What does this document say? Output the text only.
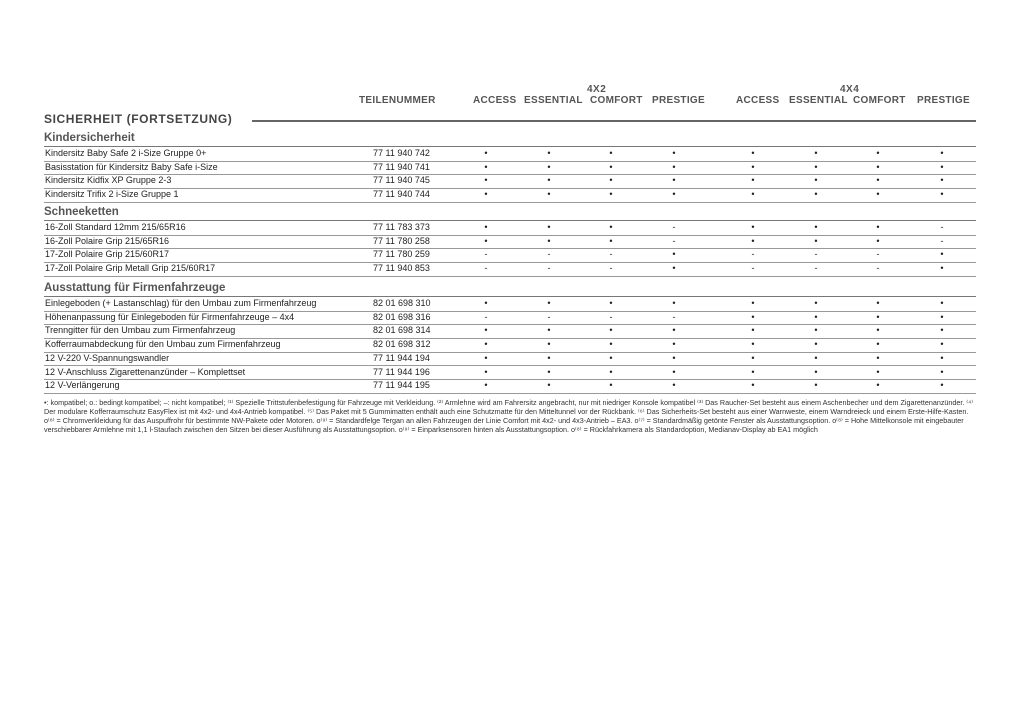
4X2	4X4
TEILENUMMER	ACCESS ESSENTIAL COMFORT PRESTIGE	ACCESS ESSENTIAL COMFORT PRESTIGE
SICHERHEIT (FORTSETZUNG)
Kindersicherheit
Kindersitz Baby Safe 2 i-Size Gruppe 0+	77 11 940 742	•	•	•	•	•	•	•	•
Basisstation für Kindersitz Baby Safe i-Size	77 11 940 741	•	•	•	•	•	•	•	•
Kindersitz Kidfix XP Gruppe 2-3	77 11 940 745	•	•	•	•	•	•	•	•
Kindersitz Trifix 2 i-Size Gruppe 1	77 11 940 744	•	•	•	•	•	•	•	•
Schneeketten
16-Zoll Standard 12mm 215/65R16	77 11 783 373	•	•	•	-	•	•	•	-
16-Zoll Polaire Grip 215/65R16	77 11 780 258	•	•	•	-	•	•	•	-
17-Zoll Polaire Grip 215/60R17	77 11 780 259	-	-	-	•	-	-	-	•
17-Zoll Polaire Grip Metall Grip 215/60R17	77 11 940 853	-	-	-	•	-	-	-	•
Ausstattung für Firmenfahrzeuge
Einlegeboden (+ Lastanschlag) für den Umbau zum Firmenfahrzeug	82 01 698 310	•	•	•	•	•	•	•	•
Höhenanpassung für Einlegeboden für Firmenfahrzeuge – 4x4	82 01 698 316	-	-	-	-	•	•	•	•
Trenngitter für den Umbau zum Firmenfahrzeug	82 01 698 314	•	•	•	•	•	•	•	•
Kofferraumabdeckung für den Umbau zum Firmenfahrzeug	82 01 698 312	•	•	•	•	•	•	•	•
12 V-220 V-Spannungswandler	77 11 944 194	•	•	•	•	•	•	•	•
12 V-Anschluss Zigarettenanzünder – Komplettset	77 11 944 196	•	•	•	•	•	•	•	•
12 V-Verlängerung	77 11 944 195	•	•	•	•	•	•	•	•
•: kompatibel; o.: bedingt kompatibel; –: nicht kompatibel; ⁽¹⁾ Spezielle Trittstufenbefestigung für Fahrzeuge mit Verkleidung. ⁽²⁾ Armlehne wird am Fahrersitz angebracht, nur mit niedriger Konsole kompatibel ⁽³⁾ Das Raucher-Set besteht aus einem Aschenbecher und dem Zigarettenanzünder. ⁽⁴⁾ Der modulare Kofferraumschutz EasyFlex ist mit 4x2- und 4x4-Antrieb kompatibel. ⁽⁵⁾ Das Paket mit 5 Gummimatten enthält auch eine Schutzmatte für den Mitteltunnel vor der Rückbank. ⁽⁶⁾ Das Sicherheits-Set besteht aus einer Warnweste, einem Warndreieck und einem Erste-Hilfe-Kasten. o⁽⁸⁾ = Chromverkleidung für das Auspuffrohr für bestimmte NW-Pakete oder Motoren. o⁽⁹⁾ = Standardfelge Tergan an allen Fahrzeugen der Linie Comfort mit 4x2- und 4x3-Antrieb – EA3. o⁽⁷⁾ = Standardmäßig getönte Fenster als Ausstattungsoption. o⁽⁸⁾ = Hohe Mittelkonsole mit eingebauter verschiebbarer Armlehne mit 1,1 l-Staufach zwischen den Sitzen bei dieser Ausführung als Ausstattungsoption. o⁽⁹⁾ = Einparksensoren hinten als Ausstattungsoption. o⁽⁸⁾ = Rückfahrkamera als Standardoption, Medianav-Display ab EA1 möglich
